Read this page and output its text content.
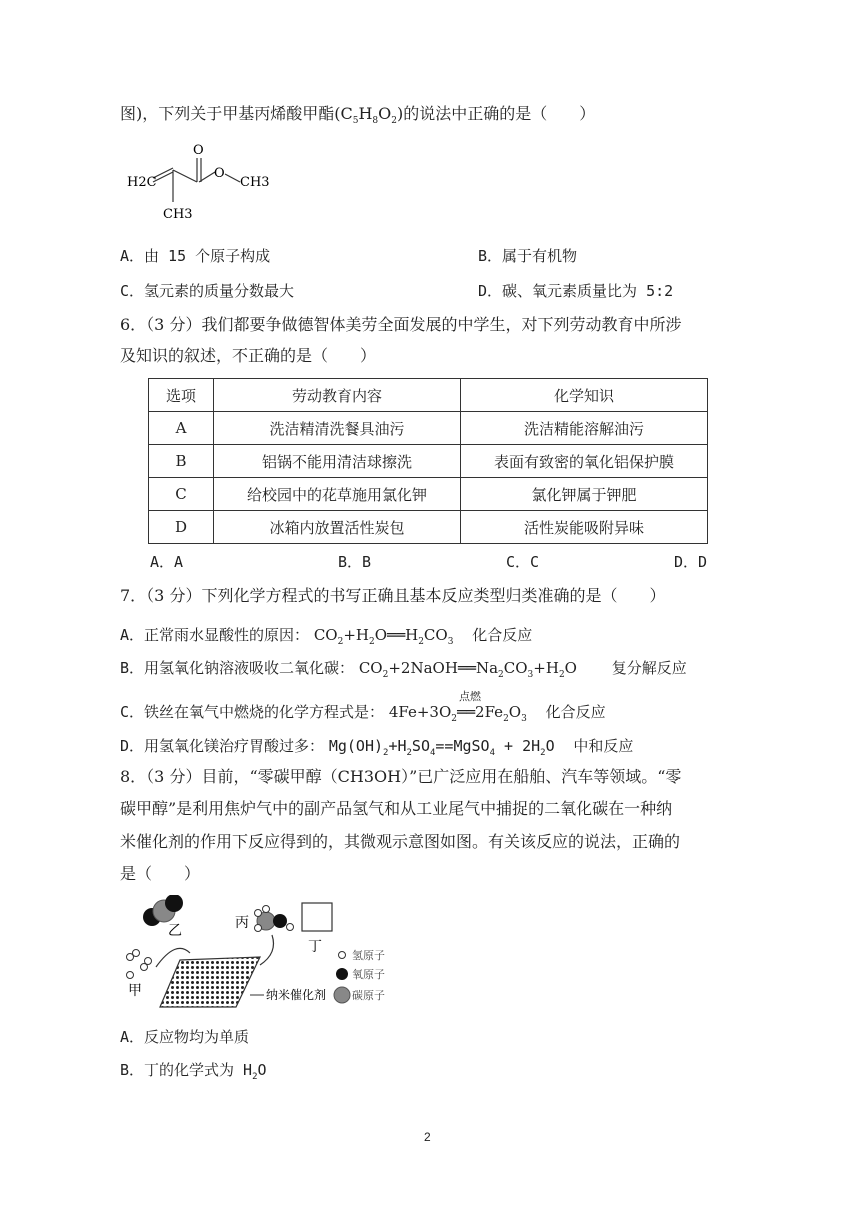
图)，下列关于甲基丙烯酸甲酯$(C_5H_8O_2)$的说法中正确的是（　　）
H2C
O
O
CH3
CH3
A．由 15 个原子构成	B．属于有机物
C．氢元素的质量分数最大	D．碳、氧元素质量比为 5:2
6．（3 分）我们都要争做德智体美劳全面发展的中学生，对下列劳动教育中所涉
及知识的叙述，不正确的是（　　）
选项	劳动教育内容	化学知识
A	洗洁精清洗餐具油污	洗洁精能溶解油污
B	铝锅不能用清洁球擦洗	表面有致密的氧化铝保护膜
C	给校园中的花草施用氯化钾	氯化钾属于钾肥
D	冰箱内放置活性炭包	活性炭能吸附异味
A．A	B．B	C．C	D．D
7．（3 分）下列化学方程式的书写正确且基本反应类型归类准确的是（　　）
A．正常雨水显酸性的原因： $CO_2+H_2O══H_2CO_3$ 化合反应
B．用氢氧化钠溶液吸收二氧化碳： $CO_2+2NaOH══Na_2CO_3+H_2O$ 复分解反应
C．铁丝在氧气中燃烧的化学方程式是： $4Fe+3O_2$
点燃
$══2Fe_2O_3$ 化合反应
D．用氢氧化镁治疗胃酸过多： $Mg(OH)_2+H_2SO_4==MgSO_4 + 2H_2O$ 中和反应
8．（3 分）目前，“零碳甲醇（CH3OH）”已广泛应用在船舶、汽车等领域。“零
碳甲醇”是利用焦炉气中的副产品氢气和从工业尾气中捕捉的二氧化碳在一种纳
米催化剂的作用下反应得到的，其微观示意图如图。有关该反应的说法，正确的
是（　　）
乙	丙
丁
甲	纳米催化剂
氢原子
氧原子
碳原子
A．反应物均为单质
B．丁的化学式为 $H_2O$
2
